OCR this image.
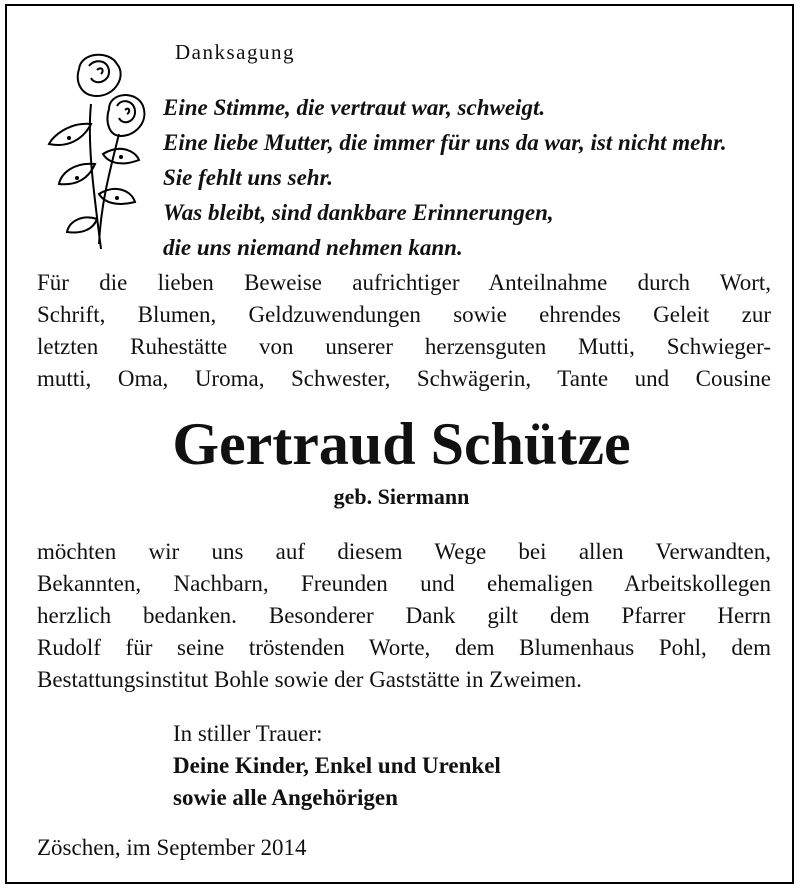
Danksagung

Eine Stimme, die vertraut war, schweigt.
Eine liebe Mutter, die immer für uns da war, ist nicht mehr.
Sie fehlt uns sehr.
Was bleibt, sind dankbare Erinnerungen,
die uns niemand nehmen kann.
Für die lieben Beweise aufrichtiger Anteilnahme durch Wort,
Schrift, Blumen, Geldzuwendungen sowie ehrendes Geleit zur
letzten Ruhestätte von unserer herzensguten Mutti, Schwieger-
mutti, Oma, Uroma, Schwester, Schwägerin, Tante und Cousine
Gertraud Schütze
geb. Siermann
möchten wir uns auf diesem Wege bei allen Verwandten,
Bekannten, Nachbarn, Freunden und ehemaligen Arbeitskollegen
herzlich bedanken. Besonderer Dank gilt dem Pfarrer Herrn
Rudolf für seine tröstenden Worte, dem Blumenhaus Pohl, dem
Bestattungsinstitut Bohle sowie der Gaststätte in Zweimen.
In stiller Trauer:
Deine Kinder, Enkel und Urenkel
sowie alle Angehörigen
Zöschen, im September 2014
